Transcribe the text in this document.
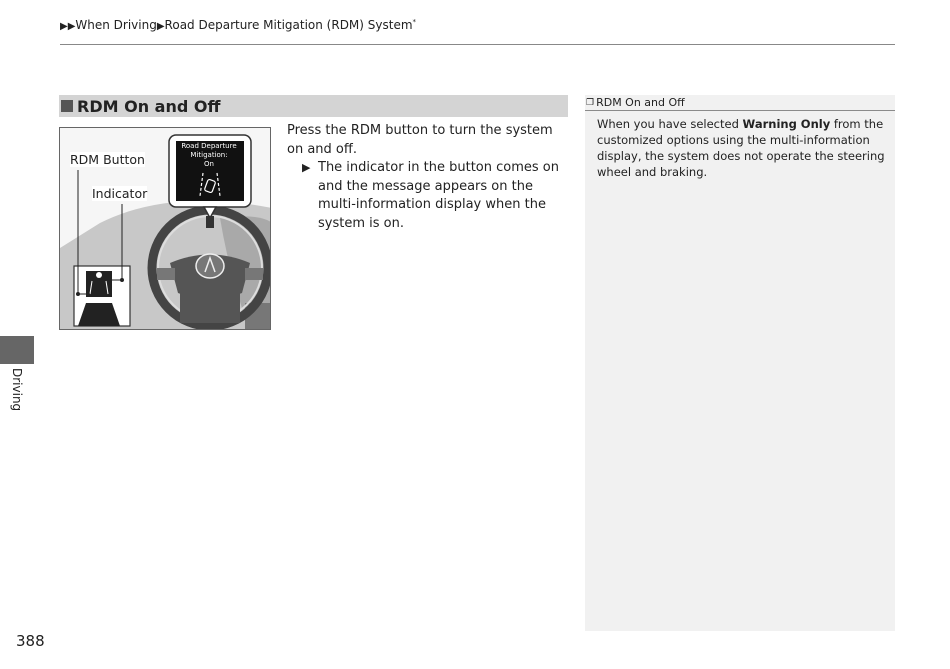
▶▶When Driving▶Road Departure Mitigation (RDM) System*
RDM On and Off
Road Departure
Mitigation:
On
RDM Button
Indicator

Press the RDM button to turn the system on and off.

▶ The indicator in the button comes on and the message appears on the multi-information display when the system is on.
❐ RDM On and Off
When you have selected Warning Only from the customized options using the multi-information display, the system does not operate the steering wheel and braking.
Driving
388
